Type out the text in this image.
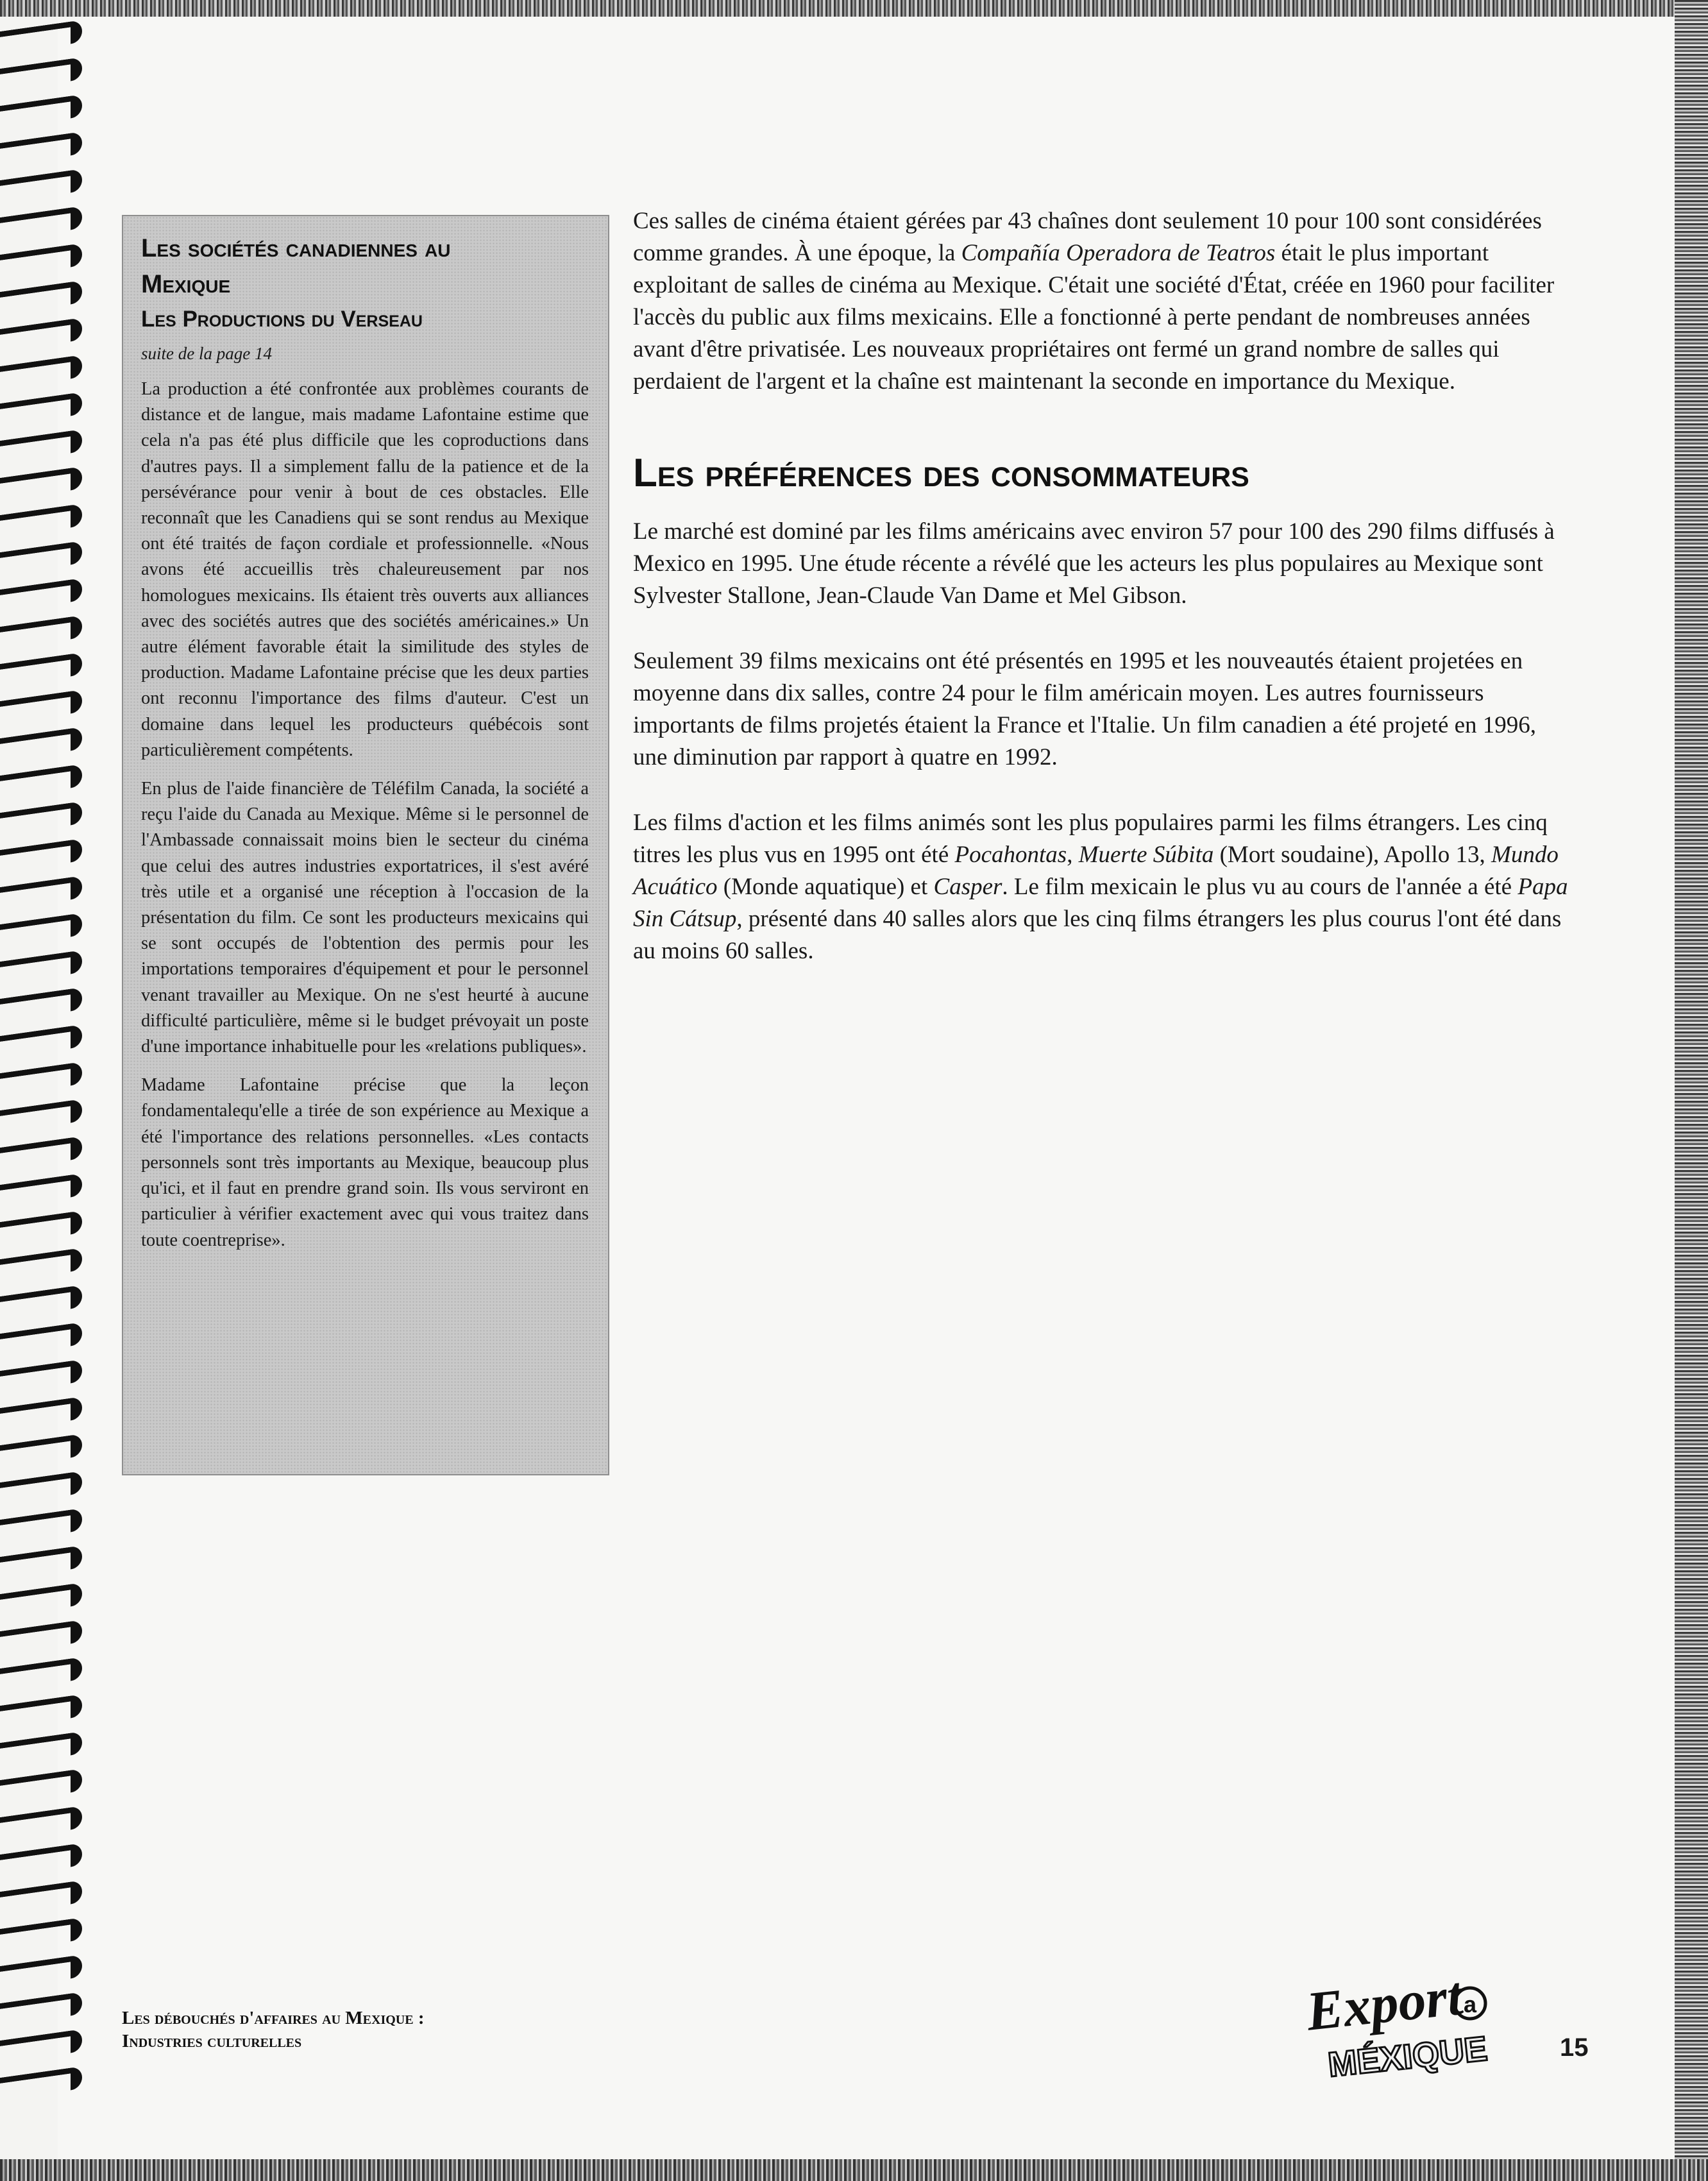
Les sociétés canadiennes au
Mexique
Les Productions du Verseau
suite de la page 14

La production a été confrontée aux problèmes courants de distance et de langue, mais madame Lafontaine estime que cela n'a pas été plus difficile que les coproductions dans d'autres pays. Il a simplement fallu de la patience et de la persévérance pour venir à bout de ces obstacles. Elle reconnaît que les Canadiens qui se sont rendus au Mexique ont été traités de façon cordiale et professionnelle. «Nous avons été accueillis très chaleureusement par nos homologues mexicains. Ils étaient très ouverts aux alliances avec des sociétés autres que des sociétés américaines.» Un autre élément favorable était la similitude des styles de production. Madame Lafontaine précise que les deux parties ont reconnu l'importance des films d'auteur. C'est un domaine dans lequel les producteurs québécois sont particulièrement compétents.

En plus de l'aide financière de Téléfilm Canada, la société a reçu l'aide du Canada au Mexique. Même si le personnel de l'Ambassade connaissait moins bien le secteur du cinéma que celui des autres industries exportatrices, il s'est avéré très utile et a organisé une réception à l'occasion de la présentation du film. Ce sont les producteurs mexicains qui se sont occupés de l'obtention des permis pour les importations temporaires d'équipement et pour le personnel venant travailler au Mexique. On ne s'est heurté à aucune difficulté particulière, même si le budget prévoyait un poste d'une importance inhabituelle pour les «relations publiques».

Madame Lafontaine précise que la leçon fondamentalequ'elle a tirée de son expérience au Mexique a été l'importance des relations personnelles. «Les contacts personnels sont très importants au Mexique, beaucoup plus qu'ici, et il faut en prendre grand soin. Ils vous serviront en particulier à vérifier exactement avec qui vous traitez dans toute coentreprise».

Ces salles de cinéma étaient gérées par 43 chaînes dont seulement 10 pour 100 sont considérées comme grandes. À une époque, la Compañía Operadora de Teatros était le plus important exploitant de salles de cinéma au Mexique. C'était une société d'État, créée en 1960 pour faciliter l'accès du public aux films mexicains. Elle a fonctionné à perte pendant de nombreuses années avant d'être privatisée. Les nouveaux propriétaires ont fermé un grand nombre de salles qui perdaient de l'argent et la chaîne est maintenant la seconde en importance du Mexique.

Les préférences des consommateurs

Le marché est dominé par les films américains avec environ 57 pour 100 des 290 films diffusés à Mexico en 1995. Une étude récente a révélé que les acteurs les plus populaires au Mexique sont Sylvester Stallone, Jean-Claude Van Dame et Mel Gibson.

Seulement 39 films mexicains ont été présentés en 1995 et les nouveautés étaient projetées en moyenne dans dix salles, contre 24 pour le film américain moyen. Les autres fournisseurs importants de films projetés étaient la France et l'Italie. Un film canadien a été projeté en 1996, une diminution par rapport à quatre en 1992.

Les films d'action et les films animés sont les plus populaires parmi les films étrangers. Les cinq titres les plus vus en 1995 ont été Pocahontas, Muerte Súbita (Mort soudaine), Apollo 13, Mundo Acuático (Monde aquatique) et Casper. Le film mexicain le plus vu au cours de l'année a été Papa Sin Cátsup, présenté dans 40 salles alors que les cinq films étrangers les plus courus l'ont été dans au moins 60 salles.

Les débouchés d'affaires au Mexique :
Industries culturelles	Export
a
MÉXIQUE	15
